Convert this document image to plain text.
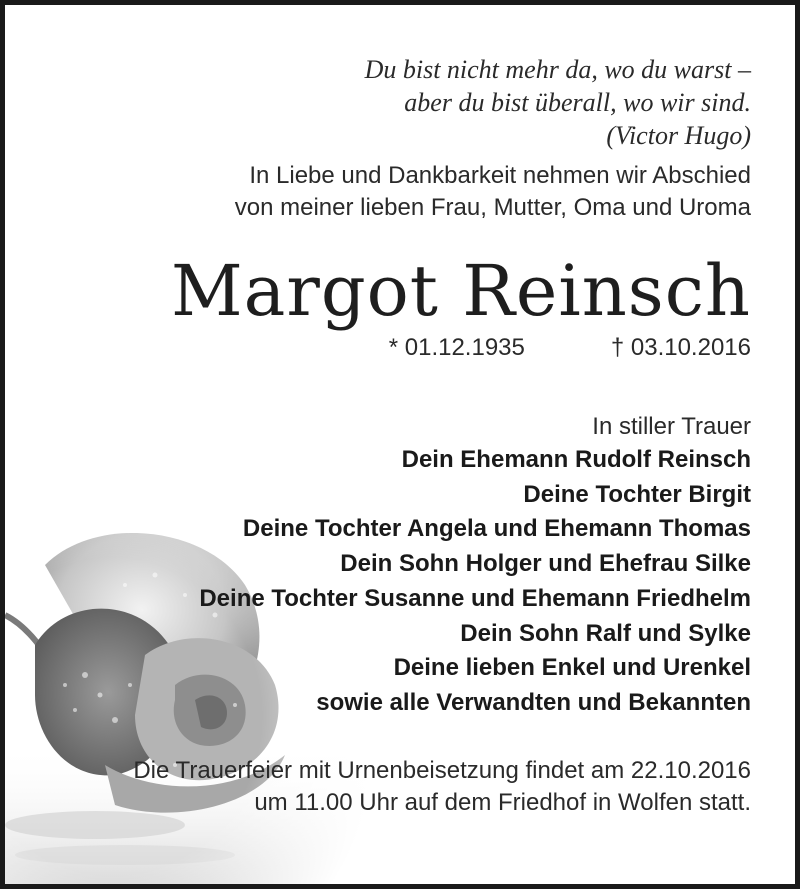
Du bist nicht mehr da, wo du warst –
aber du bist überall, wo wir sind.
(Victor Hugo)
In Liebe und Dankbarkeit nehmen wir Abschied
von meiner lieben Frau, Mutter, Oma und Uroma
Margot Reinsch
* 01.12.1935	† 03.10.2016
In stiller Trauer
Dein Ehemann Rudolf Reinsch
Deine Tochter Birgit
Deine Tochter Angela und Ehemann Thomas
Dein Sohn Holger und Ehefrau Silke
Deine Tochter Susanne und Ehemann Friedhelm
Dein Sohn Ralf und Sylke
Deine lieben Enkel und Urenkel
sowie alle Verwandten und Bekannten
Die Trauerfeier mit Urnenbeisetzung findet am 22.10.2016
um 11.00 Uhr auf dem Friedhof in Wolfen statt.
